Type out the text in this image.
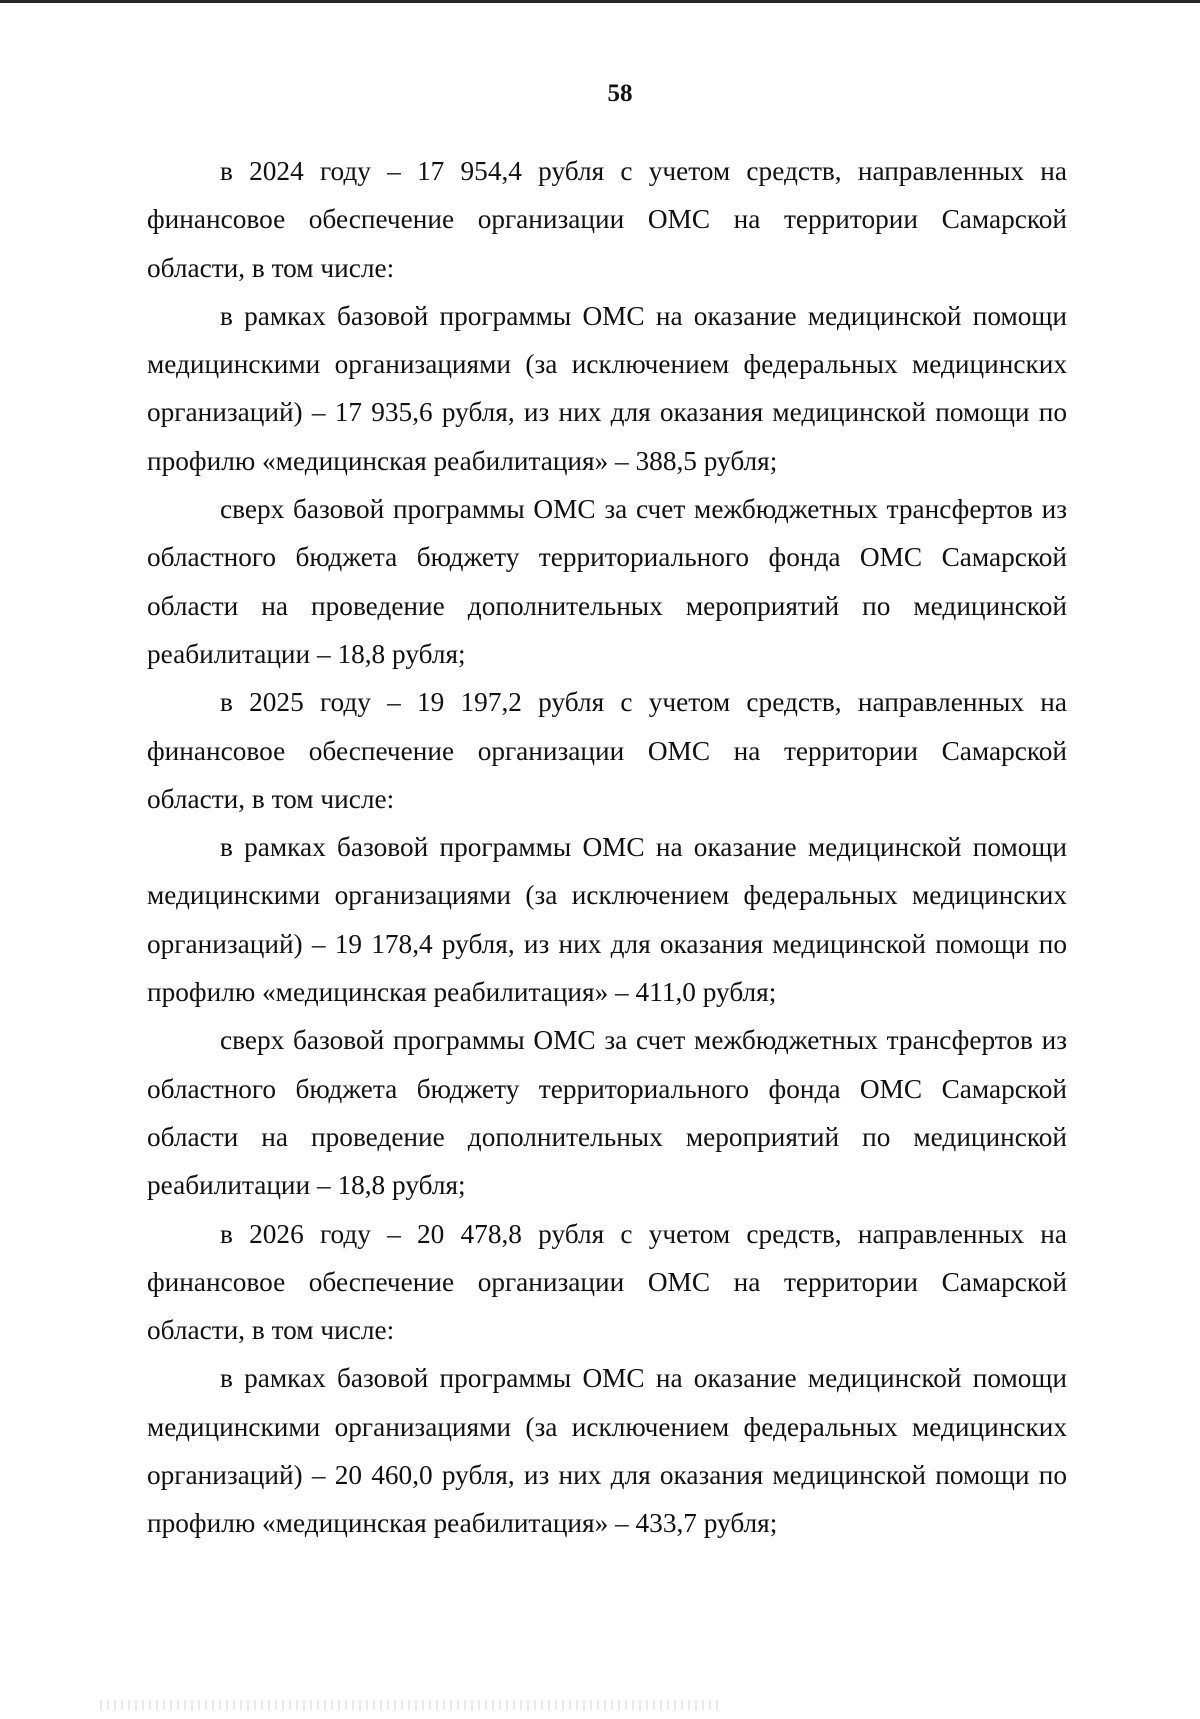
58

в 2024 году – 17 954,4 рубля с учетом средств, направленных на финансовое обеспечение организации ОМС на территории Самарской области, в том числе:

в рамках базовой программы ОМС на оказание медицинской помощи медицинскими организациями (за исключением федеральных медицинских организаций) – 17 935,6 рубля, из них для оказания медицинской помощи по профилю «медицинская реабилитация» – 388,5 рубля;

сверх базовой программы ОМС за счет межбюджетных трансфертов из областного бюджета бюджету территориального фонда ОМС Самарской области на проведение дополнительных мероприятий по медицинской реабилитации – 18,8 рубля;

в 2025 году – 19 197,2 рубля с учетом средств, направленных на финансовое обеспечение организации ОМС на территории Самарской области, в том числе:

в рамках базовой программы ОМС на оказание медицинской помощи медицинскими организациями (за исключением федеральных медицинских организаций) – 19 178,4 рубля, из них для оказания медицинской помощи по профилю «медицинская реабилитация» – 411,0 рубля;

сверх базовой программы ОМС за счет межбюджетных трансфертов из областного бюджета бюджету территориального фонда ОМС Самарской области на проведение дополнительных мероприятий по медицинской реабилитации – 18,8 рубля;

в 2026 году – 20 478,8 рубля с учетом средств, направленных на финансовое обеспечение организации ОМС на территории Самарской области, в том числе:

в рамках базовой программы ОМС на оказание медицинской помощи медицинскими организациями (за исключением федеральных медицинских организаций) – 20 460,0 рубля, из них для оказания медицинской помощи по профилю «медицинская реабилитация» – 433,7 рубля;
